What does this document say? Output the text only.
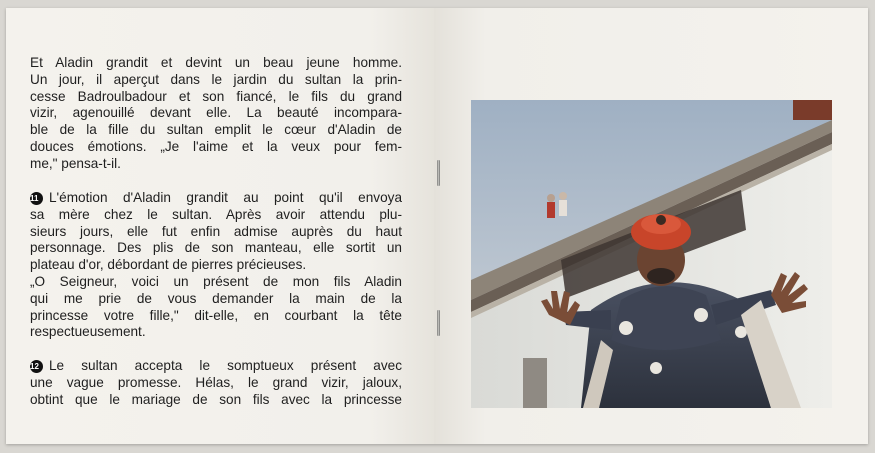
Et Aladin grandit et devint un beau jeune homme.
Un jour, il aperçut dans le jardin du sultan la prin-
cesse Badroulbadour et son fiancé, le fils du grand
vizir, agenouillé devant elle. La beauté incompara-
ble de la fille du sultan emplit le cœur d'Aladin de
douces émotions. „Je l'aime et la veux pour fem-
me," pensa-t-il.
11 L'émotion d'Aladin grandit au point qu'il envoya
sa mère chez le sultan. Après avoir attendu plu-
sieurs jours, elle fut enfin admise auprès du haut
personnage. Des plis de son manteau, elle sortit un
plateau d'or, débordant de pierres précieuses.
„O Seigneur, voici un présent de mon fils Aladin
qui me prie de vous demander la main de la
princesse votre fille," dit-elle, en courbant la tête
respectueusement.
12 Le sultan accepta le somptueux présent avec
une vague promesse. Hélas, le grand vizir, jaloux,
obtint que le mariage de son fils avec la princesse
